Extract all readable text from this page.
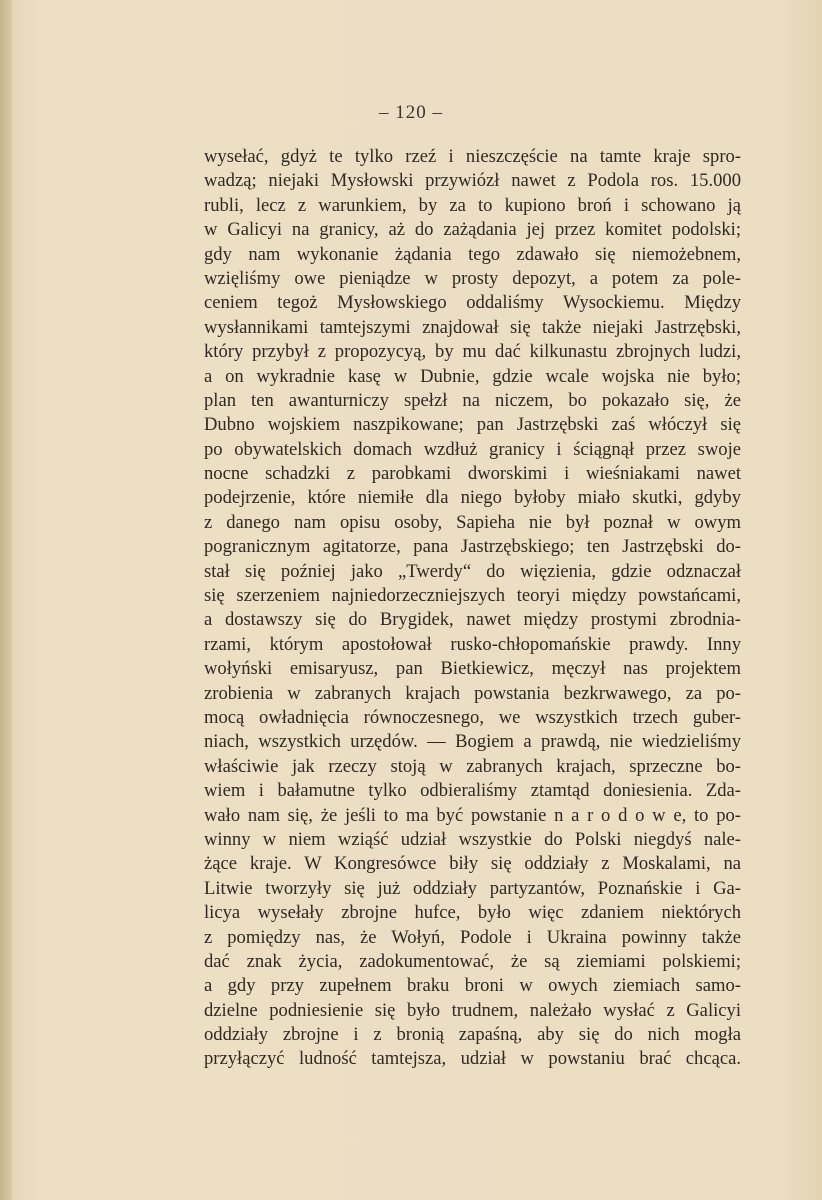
– 120 –
wysełać, gdyż te tylko rzeź i nieszczęście na tamte kraje spro-
wadzą; niejaki Mysłowski przywiózł nawet z Podola ros. 15.000
rubli, lecz z warunkiem, by za to kupiono broń i schowano ją
w Galicyi na granicy, aż do zażądania jej przez komitet podolski;
gdy nam wykonanie żądania tego zdawało się niemożebnem,
wzięliśmy owe pieniądze w prosty depozyt, a potem za pole-
ceniem tegoż Mysłowskiego oddaliśmy Wysockiemu. Między
wysłannikami tamtejszymi znajdował się także niejaki Jastrzębski,
który przybył z propozycyą, by mu dać kilkunastu zbrojnych ludzi,
a on wykradnie kasę w Dubnie, gdzie wcale wojska nie było;
plan ten awanturniczy spełzł na niczem, bo pokazało się, że
Dubno wojskiem naszpikowane; pan Jastrzębski zaś włóczył się
po obywatelskich domach wzdłuż granicy i ściągnął przez swoje
nocne schadzki z parobkami dworskimi i wieśniakami nawet
podejrzenie, które niemiłe dla niego byłoby miało skutki, gdyby
z danego nam opisu osoby, Sapieha nie był poznał w owym
pogranicznym agitatorze, pana Jastrzębskiego; ten Jastrzębski do-
stał się poźniej jako „Twerdy“ do więzienia, gdzie odznaczał
się szerzeniem najniedorzeczniejszych teoryi między powstańcami,
a dostawszy się do Brygidek, nawet między prostymi zbrodnia-
rzami, którym apostołował rusko-chłopomańskie prawdy. Inny
wołyński emisaryusz, pan Bietkiewicz, męczył nas projektem
zrobienia w zabranych krajach powstania bezkrwawego, za po-
mocą owładnięcia równoczesnego, we wszystkich trzech guber-
niach, wszystkich urzędów. — Bogiem a prawdą, nie wiedzieliśmy
właściwie jak rzeczy stoją w zabranych krajach, sprzeczne bo-
wiem i bałamutne tylko odbieraliśmy ztamtąd doniesienia. Zda-
wało nam się, że jeśli to ma być powstanie n a r o d o w e, to po-
winny w niem wziąść udział wszystkie do Polski niegdyś nale-
żące kraje. W Kongresówce biły się oddziały z Moskalami, na
Litwie tworzyły się już oddziały partyzantów, Poznańskie i Ga-
licya wysełały zbrojne hufce, było więc zdaniem niektórych
z pomiędzy nas, że Wołyń, Podole i Ukraina powinny także
dać znak życia, zadokumentować, że są ziemiami polskiemi;
a gdy przy zupełnem braku broni w owych ziemiach samo-
dzielne podniesienie się było trudnem, należało wysłać z Galicyi
oddziały zbrojne i z bronią zapaśną, aby się do nich mogła
przyłączyć ludność tamtejsza, udział w powstaniu brać chcąca.
